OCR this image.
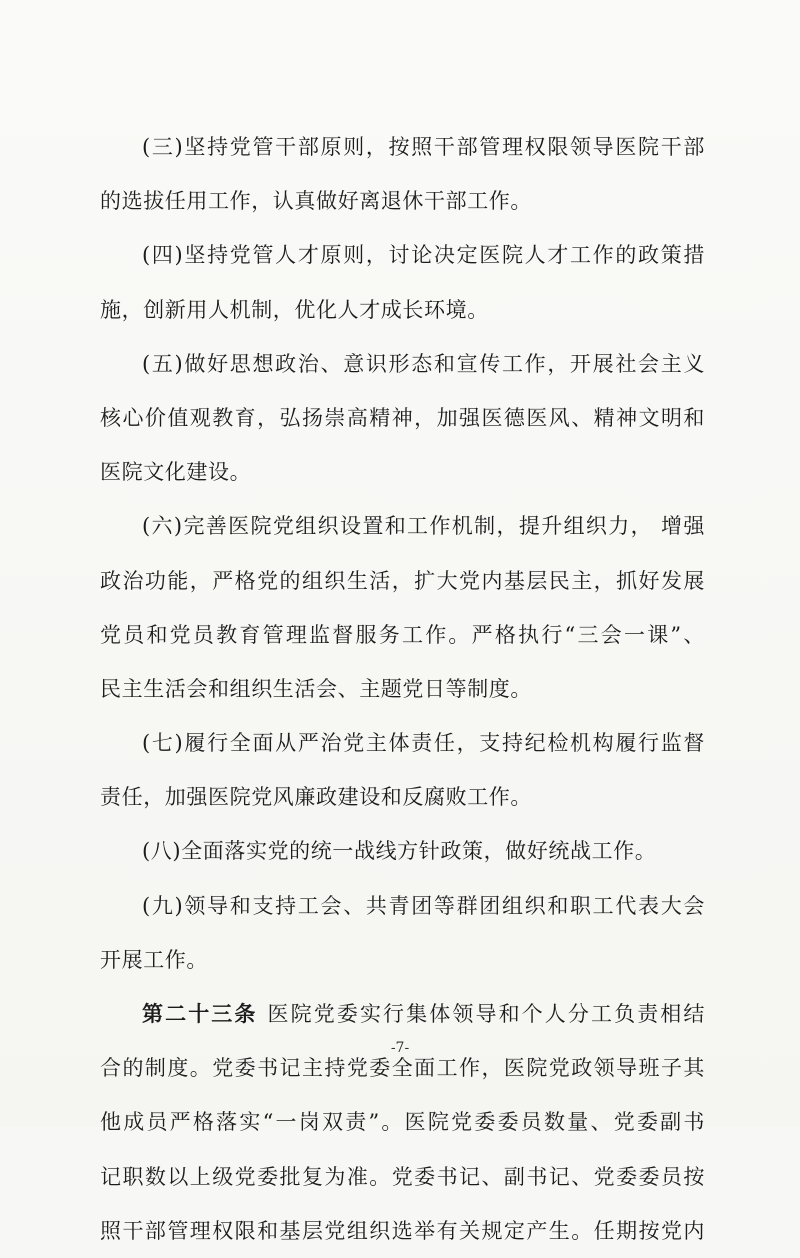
(三)坚持党管干部原则，按照干部管理权限领导医院干部
的选拔任用工作，认真做好离退休干部工作。
(四)坚持党管人才原则，讨论决定医院人才工作的政策措
施，创新用人机制，优化人才成长环境。
(五)做好思想政治、意识形态和宣传工作，开展社会主义
核心价值观教育，弘扬崇高精神，加强医德医风、精神文明和
医院文化建设。
(六)完善医院党组织设置和工作机制，提升组织力， 增强
政治功能，严格党的组织生活，扩大党内基层民主，抓好发展
党员和党员教育管理监督服务工作。严格执行“三会一课”、
民主生活会和组织生活会、主题党日等制度。
(七)履行全面从严治党主体责任，支持纪检机构履行监督
责任，加强医院党风廉政建设和反腐败工作。
(八)全面落实党的统一战线方针政策，做好统战工作。
(九)领导和支持工会、共青团等群团组织和职工代表大会
开展工作。
第二十三条 医院党委实行集体领导和个人分工负责相结
合的制度。党委书记主持党委全面工作，医院党政领导班子其
他成员严格落实“一岗双责”。医院党委委员数量、党委副书
记职数以上级党委批复为准。党委书记、副书记、党委委员按
照干部管理权限和基层党组织选举有关规定产生。任期按党内
-7-
